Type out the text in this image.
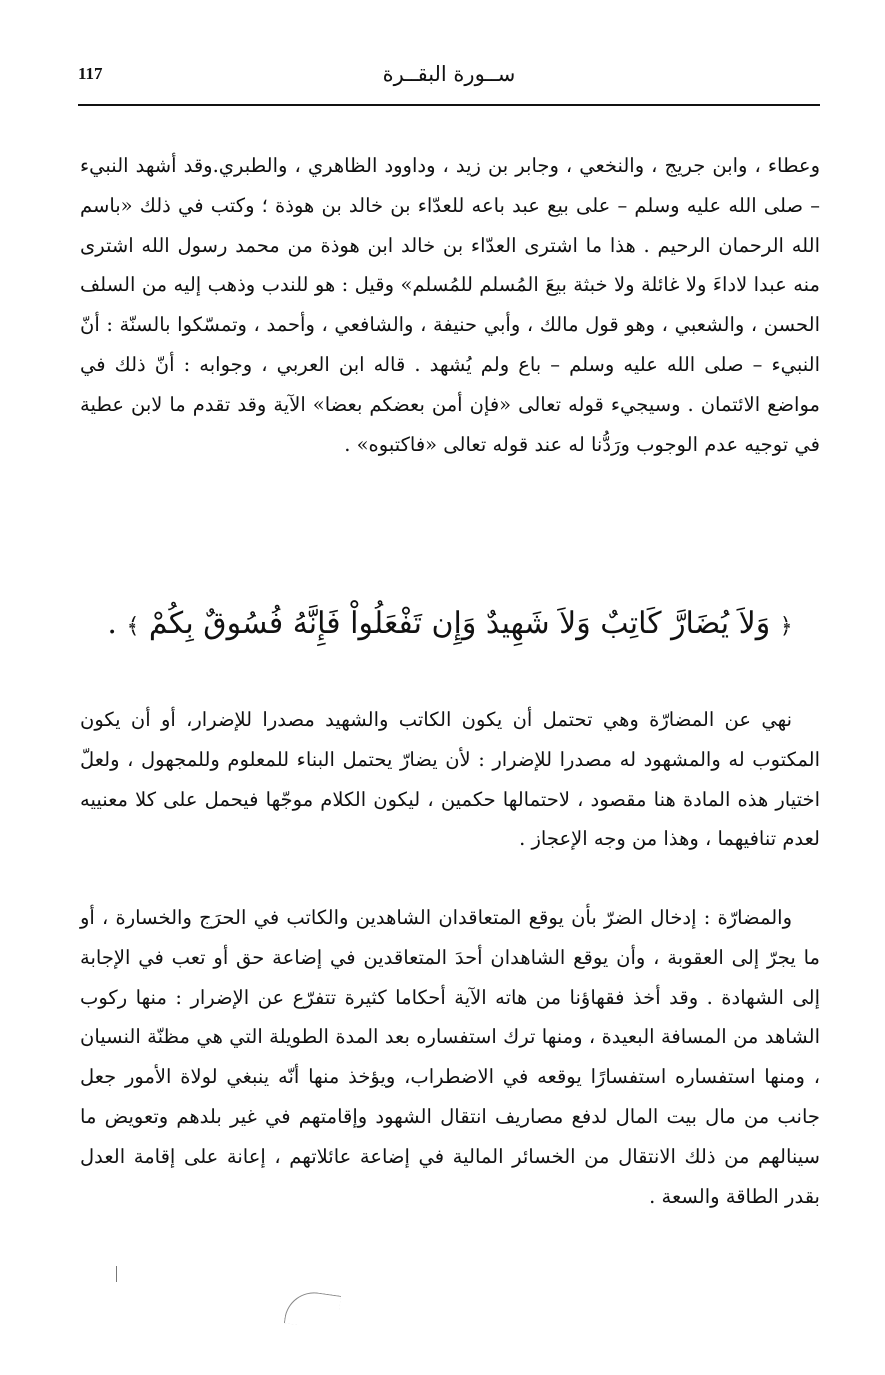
117	ســورة البقــرة

وعطاء ، وابن جريج ، والنخعي ، وجابر بن زيد ، وداوود الظاهري ، والطبري.وقد أشهد النبيء – صلى الله عليه وسلم – على بيع عبد باعه للعدّاء بن خالد بن هوذة ؛ وكتب في ذلك «باسم الله الرحمان الرحيم . هذا ما اشترى العدّاء بن خالد ابن هوذة من محمد رسول الله اشترى منه عبدا لاداءَ ولا غائلة ولا خبثة بيعَ المُسلم للمُسلم» وقيل : هو للندب وذهب إليه من السلف الحسن ، والشعبي ، وهو قول مالك ، وأبي حنيفة ، والشافعي ، وأحمد ، وتمسّكوا بالسنّة : أنّ النبيء – صلى الله عليه وسلم – باع ولم يُشهد . قاله ابن العربي ، وجوابه : أنّ ذلك في مواضع الائتمان . وسيجيء قوله تعالى «فإن أمن بعضكم بعضا» الآية وقد تقدم ما لابن عطية في توجيه عدم الوجوب ورَدُّنا له عند قوله تعالى «فاكتبوه» .

﴿ وَلاَ يُضَارَّ كَاتِبٌ وَلاَ شَهِيدٌ وَإِن تَفْعَلُواْ فَإِنَّهُ فُسُوقٌ بِكُمْ ﴾ .

نهي عن المضارّة وهي تحتمل أن يكون الكاتب والشهيد مصدرا للإضرار، أو أن يكون المكتوب له والمشهود له مصدرا للإضرار : لأن يضارّ يحتمل البناء للمعلوم وللمجهول ، ولعلّ اختيار هذه المادة هنا مقصود ، لاحتمالها حكمين ، ليكون الكلام موجّها فيحمل على كلا معنييه لعدم تنافيهما ، وهذا من وجه الإعجاز .

والمضارّة : إدخال الضرّ بأن يوقع المتعاقدان الشاهدين والكاتب في الحرَج والخسارة ، أو ما يجرّ إلى العقوبة ، وأن يوقع الشاهدان أحدَ المتعاقدين في إضاعة حق أو تعب في الإجابة إلى الشهادة . وقد أخذ فقهاؤنا من هاته الآية أحكاما كثيرة تتفرّع عن الإضرار : منها ركوب الشاهد من المسافة البعيدة ، ومنها ترك استفساره بعد المدة الطويلة التي هي مظنّة النسيان ، ومنها استفساره استفسارًا يوقعه في الاضطراب، ويؤخذ منها أنّه ينبغي لولاة الأمور جعل جانب من مال بيت المال لدفع مصاريف انتقال الشهود وإقامتهم في غير بلدهم وتعويض ما سينالهم من ذلك الانتقال من الخسائر المالية في إضاعة عائلاتهم ، إعانة على إقامة العدل بقدر الطاقة والسعة .
